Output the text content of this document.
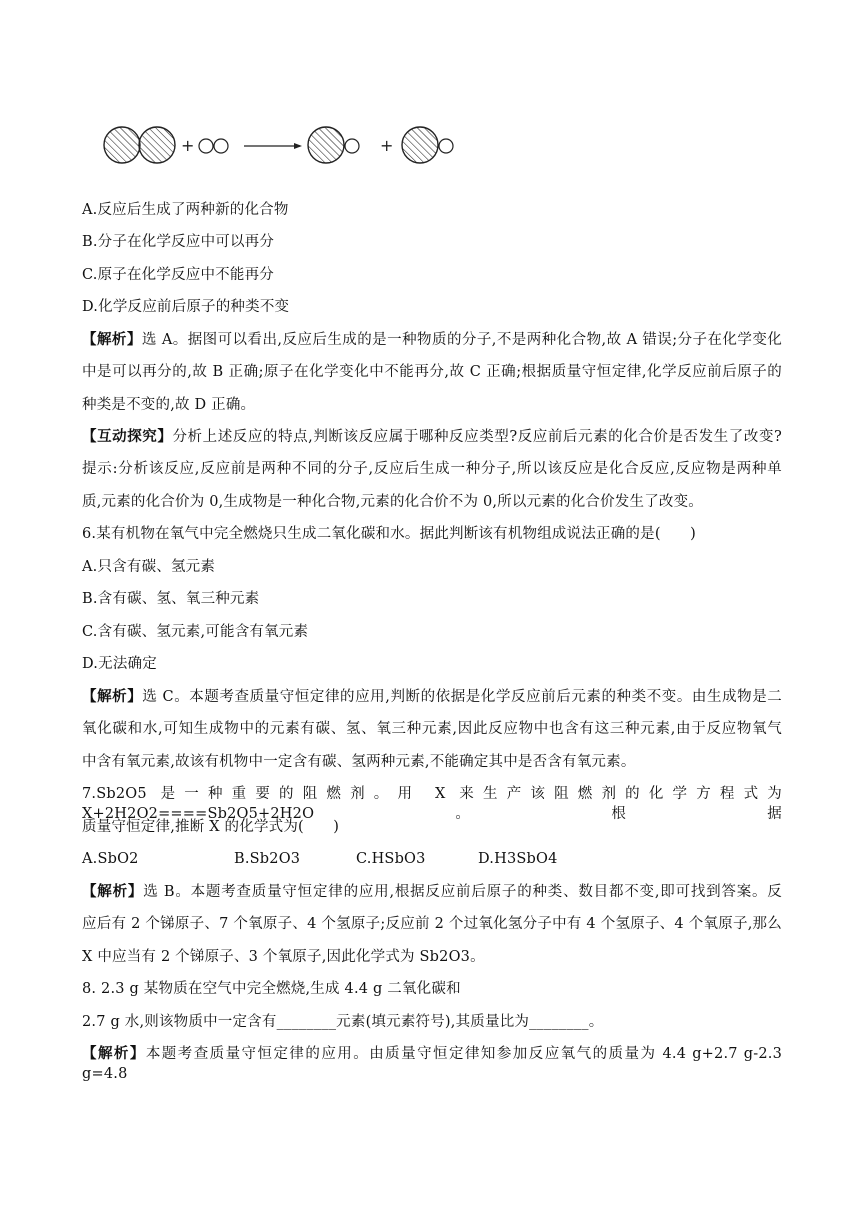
+	+
A.反应后生成了两种新的化合物
B.分子在化学反应中可以再分
C.原子在化学反应中不能再分
D.化学反应前后原子的种类不变
【解析】选 A。据图可以看出,反应后生成的是一种物质的分子,不是两种化合物,故 A 错误;分子在化学变化
中是可以再分的,故 B 正确;原子在化学变化中不能再分,故 C 正确;根据质量守恒定律,化学反应前后原子的
种类是不变的,故 D 正确。
【互动探究】分析上述反应的特点,判断该反应属于哪种反应类型?反应前后元素的化合价是否发生了改变?
提示:分析该反应,反应前是两种不同的分子,反应后生成一种分子,所以该反应是化合反应,反应物是两种单
质,元素的化合价为 0,生成物是一种化合物,元素的化合价不为 0,所以元素的化合价发生了改变。
6.某有机物在氧气中完全燃烧只生成二氧化碳和水。据此判断该有机物组成说法正确的是(　　)
A.只含有碳、氢元素
B.含有碳、氢、氧三种元素
C.含有碳、氢元素,可能含有氧元素
D.无法确定
【解析】选 C。本题考查质量守恒定律的应用,判断的依据是化学反应前后元素的种类不变。由生成物是二
氧化碳和水,可知生成物中的元素有碳、氢、氧三种元素,因此反应物中也含有这三种元素,由于反应物氧气
中含有氧元素,故该有机物中一定含有碳、氢两种元素,不能确定其中是否含有氧元素。
7.Sb2O5 是一种重要的阻燃剂。用 X 来生产该阻燃剂的化学方程式为 X+2H2O2====Sb2O5+2H2O。根据
质量守恒定律,推断 X 的化学式为(　　)
A.SbO2	B.Sb2O3	C.HSbO3	D.H3SbO4
【解析】选 B。本题考查质量守恒定律的应用,根据反应前后原子的种类、数目都不变,即可找到答案。反
应后有 2 个锑原子、7 个氧原子、4 个氢原子;反应前 2 个过氧化氢分子中有 4 个氢原子、4 个氧原子,那么
X 中应当有 2 个锑原子、3 个氧原子,因此化学式为 Sb2O3。
8. 2.3 g 某物质在空气中完全燃烧,生成 4.4 g 二氧化碳和
2.7 g 水,则该物质中一定含有________元素(填元素符号),其质量比为________。
【解析】本题考查质量守恒定律的应用。由质量守恒定律知参加反应氧气的质量为 4.4 g+2.7 g-2.3 g=4.8
